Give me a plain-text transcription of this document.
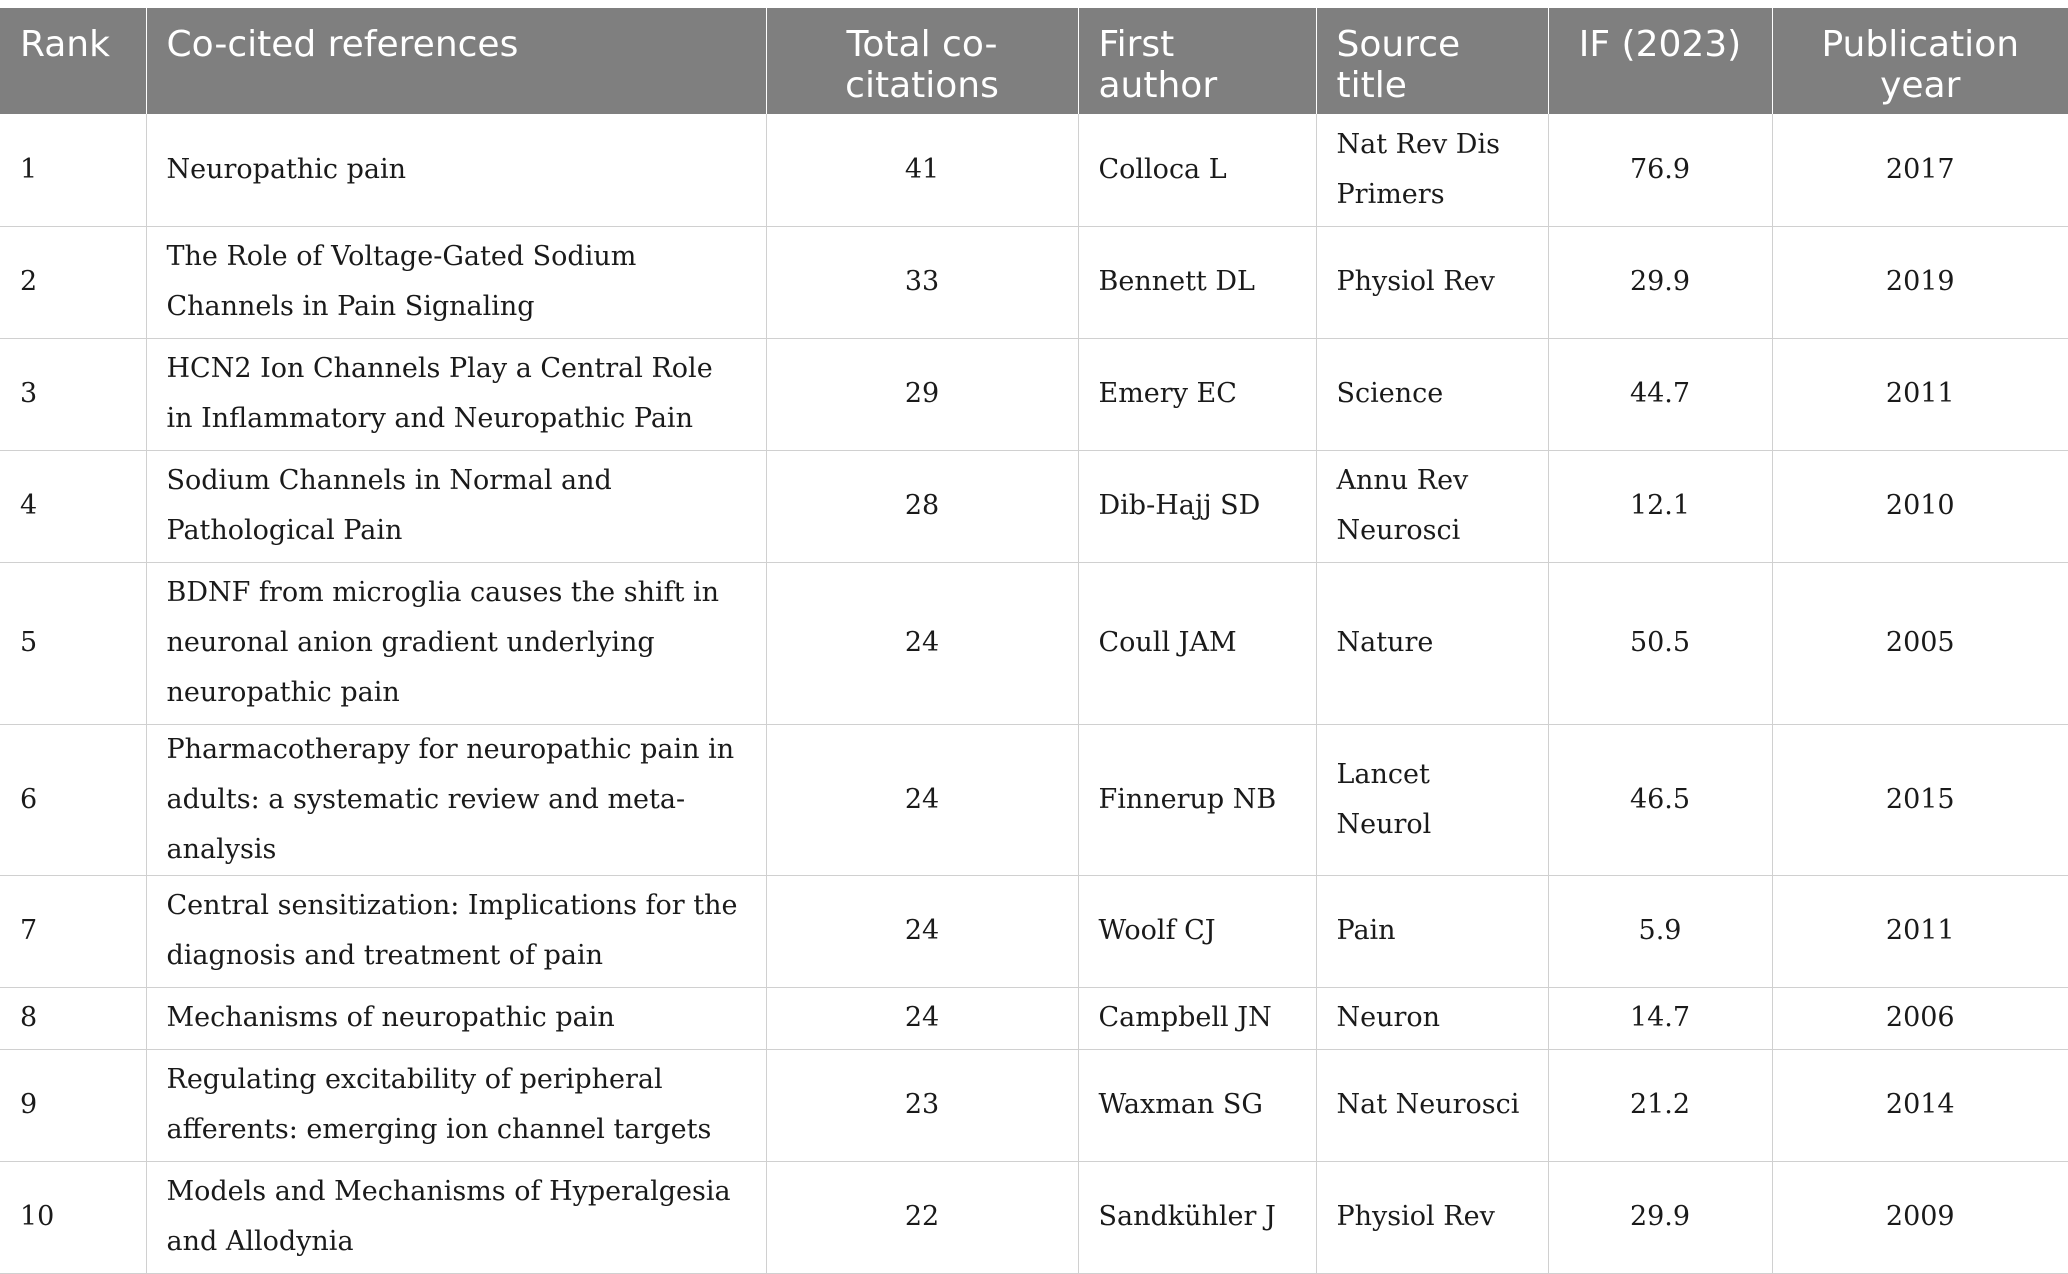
Rank	Co-cited references	Total co-citations	First author	Source title	IF (2023)	Publication year
1	Neuropathic pain	41	Colloca L	Nat Rev Dis Primers	76.9	2017
2	The Role of Voltage-Gated Sodium Channels in Pain Signaling	33	Bennett DL	Physiol Rev	29.9	2019
3	HCN2 Ion Channels Play a Central Role in Inflammatory and Neuropathic Pain	29	Emery EC	Science	44.7	2011
4	Sodium Channels in Normal and Pathological Pain	28	Dib-Hajj SD	Annu Rev Neurosci	12.1	2010
5	BDNF from microglia causes the shift in neuronal anion gradient underlying neuropathic pain	24	Coull JAM	Nature	50.5	2005
6	Pharmacotherapy for neuropathic pain in adults: a systematic review and meta-analysis	24	Finnerup NB	Lancet Neurol	46.5	2015
7	Central sensitization: Implications for the diagnosis and treatment of pain	24	Woolf CJ	Pain	5.9	2011
8	Mechanisms of neuropathic pain	24	Campbell JN	Neuron	14.7	2006
9	Regulating excitability of peripheral afferents: emerging ion channel targets	23	Waxman SG	Nat Neurosci	21.2	2014
10	Models and Mechanisms of Hyperalgesia and Allodynia	22	Sandkühler J	Physiol Rev	29.9	2009
